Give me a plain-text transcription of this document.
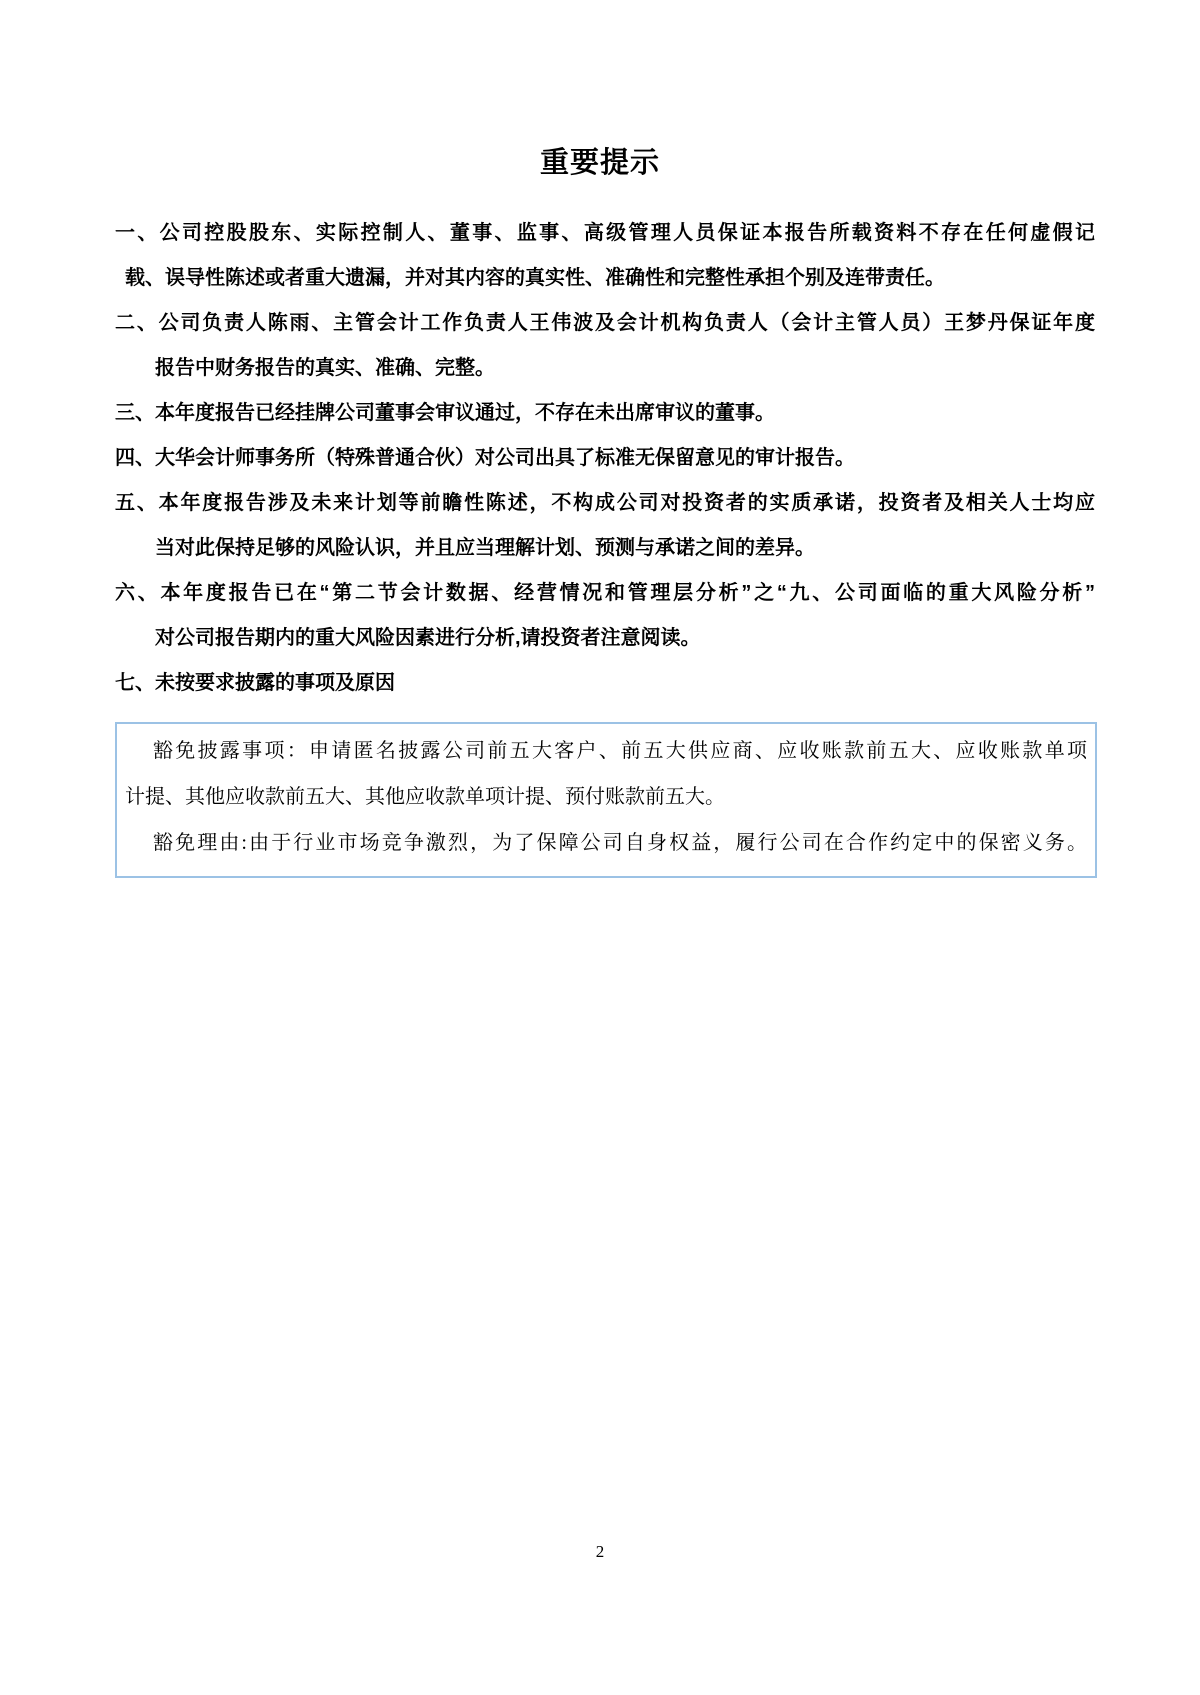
重要提示
一、公司控股股东、实际控制人、董事、监事、高级管理人员保证本报告所载资料不存在任何虚假记
载、误导性陈述或者重大遗漏，并对其内容的真实性、准确性和完整性承担个别及连带责任。
二、公司负责人陈雨、主管会计工作负责人王伟波及会计机构负责人（会计主管人员）王梦丹保证年度
报告中财务报告的真实、准确、完整。
三、本年度报告已经挂牌公司董事会审议通过，不存在未出席审议的董事。
四、大华会计师事务所（特殊普通合伙）对公司出具了标准无保留意见的审计报告。
五、本年度报告涉及未来计划等前瞻性陈述，不构成公司对投资者的实质承诺，投资者及相关人士均应
当对此保持足够的风险认识，并且应当理解计划、预测与承诺之间的差异。
六、本年度报告已在“第二节会计数据、经营情况和管理层分析”之“九、公司面临的重大风险分析”
对公司报告期内的重大风险因素进行分析,请投资者注意阅读。
七、未按要求披露的事项及原因
豁免披露事项：申请匿名披露公司前五大客户、前五大供应商、应收账款前五大、应收账款单项
计提、其他应收款前五大、其他应收款单项计提、预付账款前五大。
豁免理由:由于行业市场竞争激烈，为了保障公司自身权益，履行公司在合作约定中的保密义务。
2
